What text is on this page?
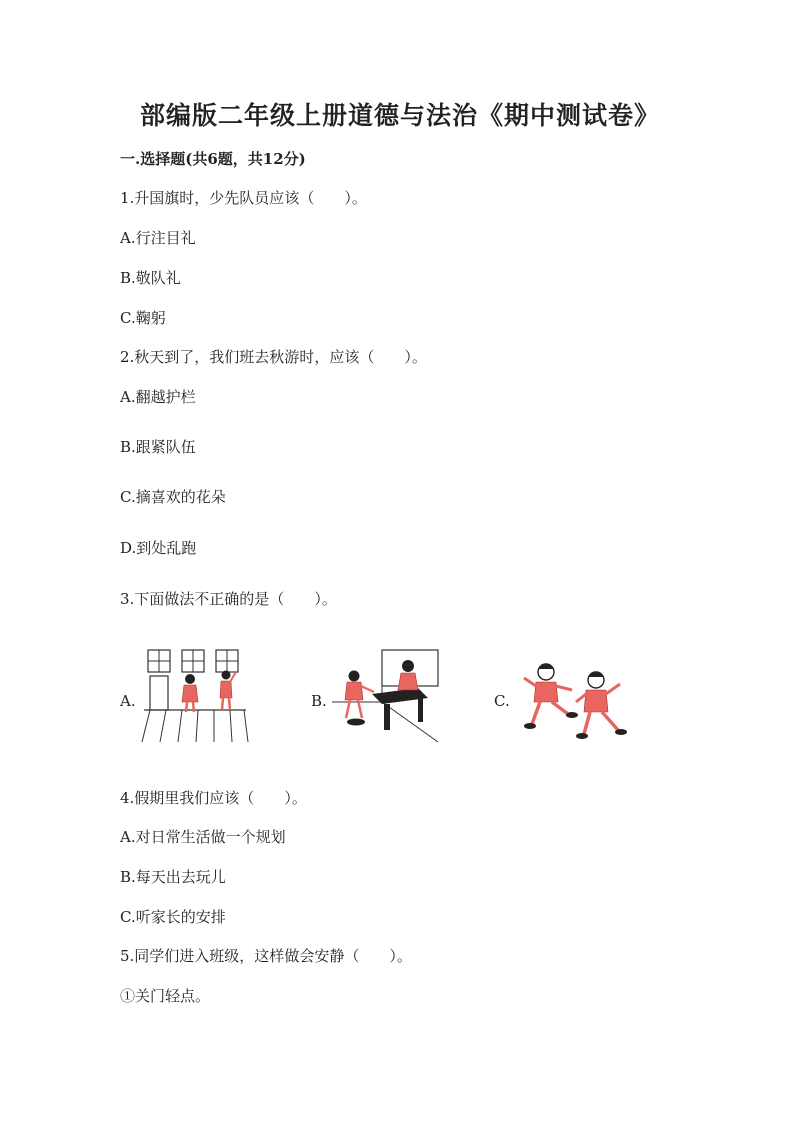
部编版二年级上册道德与法治《期中测试卷》

一.选择题(共6题，共12分)

1.升国旗时，少先队员应该（　　）。

A.行注目礼

B.敬队礼

C.鞠躬

2.秋天到了，我们班去秋游时，应该（　　）。

A.翻越护栏

B.跟紧队伍

C.摘喜欢的花朵

D.到处乱跑

3.下面做法不正确的是（　　）。

A.	B.	C.

4.假期里我们应该（　　）。

A.对日常生活做一个规划

B.每天出去玩儿

C.听家长的安排

5.同学们进入班级，这样做会安静（　　）。

①关门轻点。
